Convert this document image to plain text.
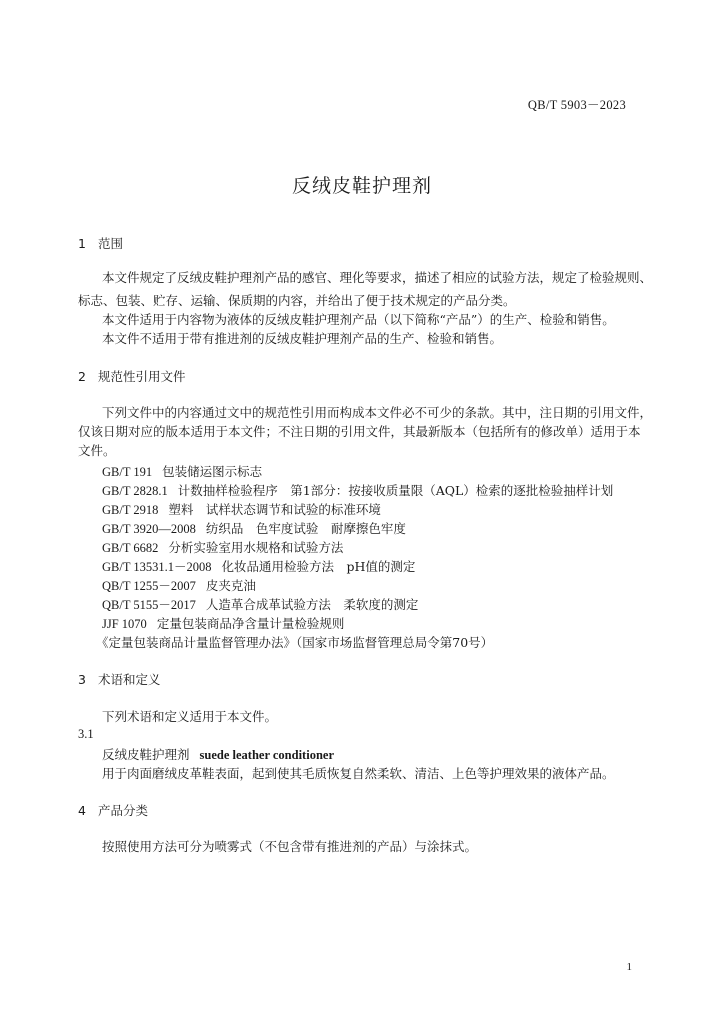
QB/T 5903－2023
反绒皮鞋护理剂
1 范围
本文件规定了反绒皮鞋护理剂产品的感官、理化等要求，描述了相应的试验方法，规定了检验规则、
标志、包装、贮存、运输、保质期的内容，并给出了便于技术规定的产品分类。
本文件适用于内容物为液体的反绒皮鞋护理剂产品（以下简称“产品”）的生产、检验和销售。
本文件不适用于带有推进剂的反绒皮鞋护理剂产品的生产、检验和销售。
2 规范性引用文件
下列文件中的内容通过文中的规范性引用而构成本文件必不可少的条款。其中，注日期的引用文件，
仅该日期对应的版本适用于本文件；不注日期的引用文件，其最新版本（包括所有的修改单）适用于本
文件。
GB/T 191 包装储运图示标志
GB/T 2828.1 计数抽样检验程序　第1部分：按接收质量限（AQL）检索的逐批检验抽样计划
GB/T 2918 塑料　试样状态调节和试验的标准环境
GB/T 3920—2008 纺织品　色牢度试验　耐摩擦色牢度
GB/T 6682 分析实验室用水规格和试验方法
GB/T 13531.1－2008 化妆品通用检验方法　pH值的测定
QB/T 1255－2007 皮夹克油
QB/T 5155－2017 人造革合成革试验方法　柔软度的测定
JJF 1070 定量包装商品净含量计量检验规则
《定量包装商品计量监督管理办法》（国家市场监督管理总局令第70号）
3 术语和定义
下列术语和定义适用于本文件。
3.1
反绒皮鞋护理剂 suede leather conditioner
用于肉面磨绒皮革鞋表面，起到使其毛质恢复自然柔软、清洁、上色等护理效果的液体产品。
4 产品分类
按照使用方法可分为喷雾式（不包含带有推进剂的产品）与涂抹式。
1
